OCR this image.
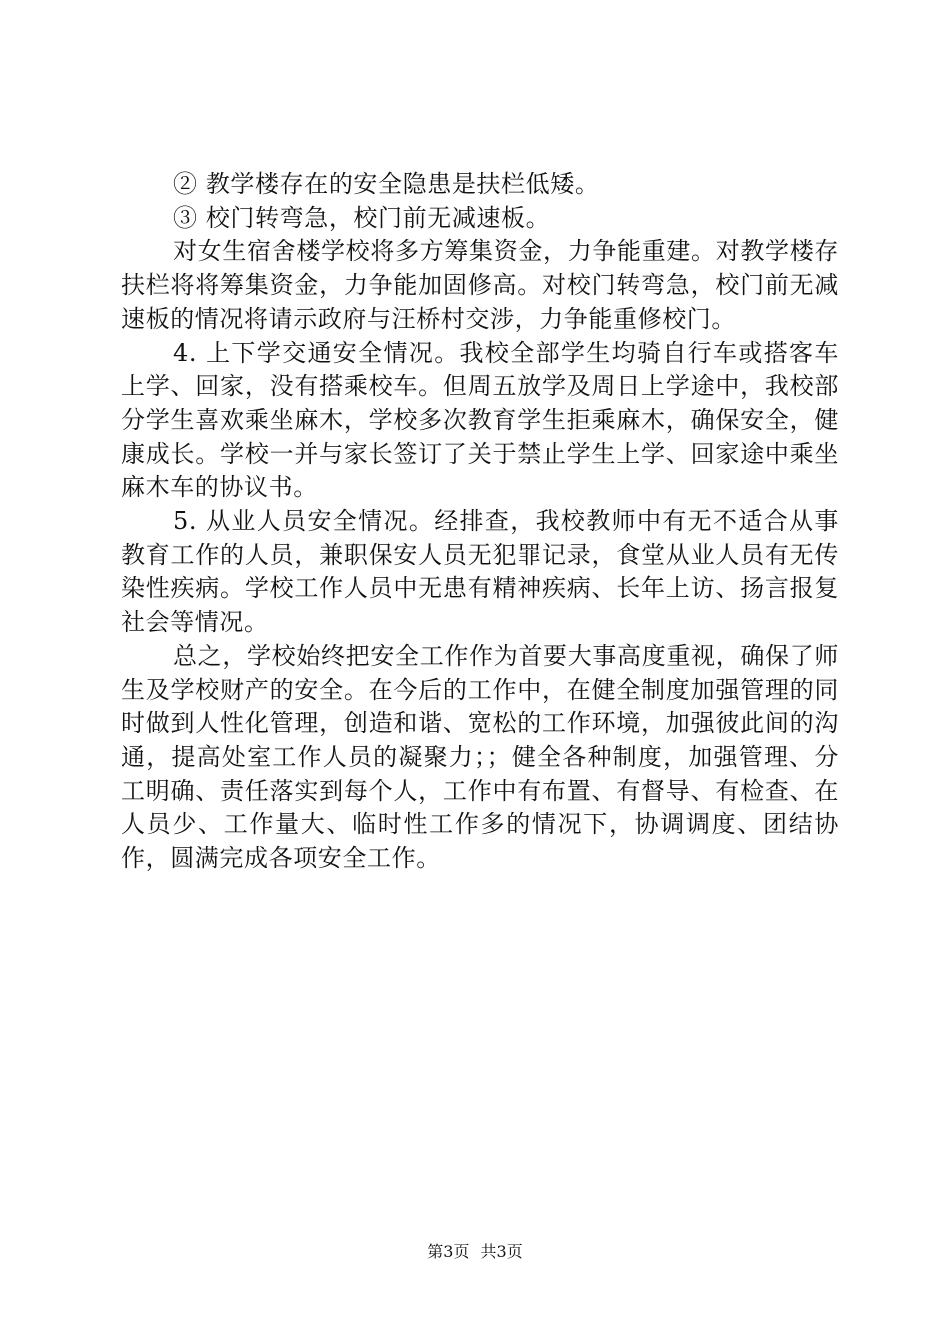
② 教学楼存在的安全隐患是扶栏低矮。

③ 校门转弯急，校门前无减速板。

对女生宿舍楼学校将多方筹集资金，力争能重建。对教学楼存扶栏将将筹集资金，力争能加固修高。对校门转弯急，校门前无减速板的情况将请示政府与汪桥村交涉，力争能重修校门。

4. 上下学交通安全情况。我校全部学生均骑自行车或搭客车上学、回家，没有搭乘校车。但周五放学及周日上学途中，我校部分学生喜欢乘坐麻木，学校多次教育学生拒乘麻木，确保安全，健康成长。学校一并与家长签订了关于禁止学生上学、回家途中乘坐麻木车的协议书。

5. 从业人员安全情况。经排查，我校教师中有无不适合从事教育工作的人员，兼职保安人员无犯罪记录，食堂从业人员有无传染性疾病。学校工作人员中无患有精神疾病、长年上访、扬言报复社会等情况。

总之，学校始终把安全工作作为首要大事高度重视，确保了师生及学校财产的安全。在今后的工作中，在健全制度加强管理的同时做到人性化管理，创造和谐、宽松的工作环境，加强彼此间的沟通，提高处室工作人员的凝聚力；；健全各种制度，加强管理、分工明确、责任落实到每个人，工作中有布置、有督导、有检查、在人员少、工作量大、临时性工作多的情况下，协调调度、团结协作，圆满完成各项安全工作。

第3页 共3页
